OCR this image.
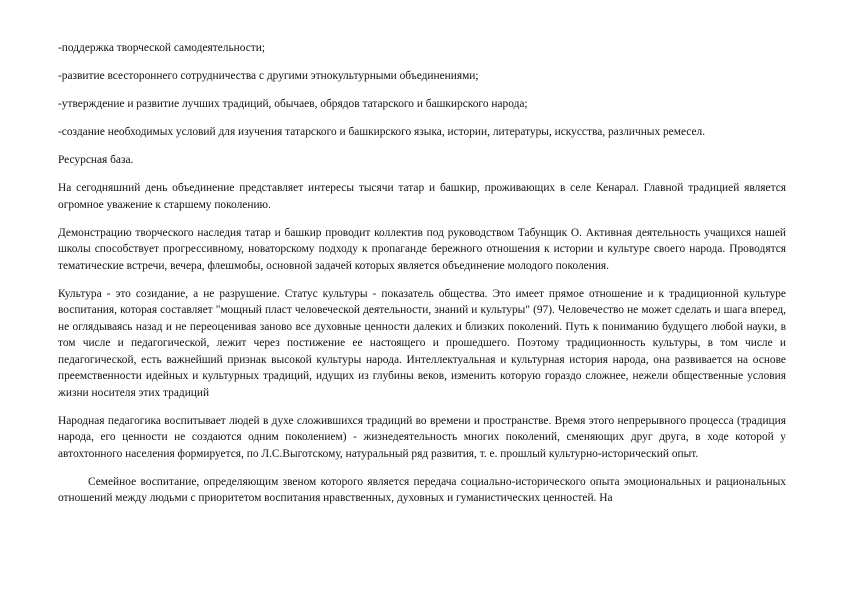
-поддержка творческой самодеятельности;

-развитие всестороннего сотрудничества с другими этнокультурными объединениями;

-утверждение и развитие лучших традиций, обычаев, обрядов татарского и башкирского народа;

-создание необходимых условий для изучения татарского и башкирского языка, истории, литературы, искусства, различных ремесел.

Ресурсная база.

На сегодняшний день объединение представляет интересы тысячи татар и башкир, проживающих в селе Кенарал. Главной традицией является огромное уважение к старшему поколению.

Демонстрацию творческого наследия татар и башкир проводит коллектив под руководством Табунщик О. Активная деятельность учащихся нашей школы способствует прогрессивному, новаторскому подходу к пропаганде бережного отношения к истории и культуре своего народа. Проводятся тематические встречи, вечера, флешмобы, основной задачей которых является объединение молодого поколения.

Культура - это созидание, а не разрушение. Статус культуры - показатель общества. Это имеет прямое отношение и к традиционной культуре воспитания, которая составляет "мощный пласт человеческой деятельности, знаний и культуры" (97). Человечество не может сделать и шага вперед, не оглядываясь назад и не переоценивая заново все духовные ценности далеких и близких поколений. Путь к пониманию будущего любой науки, в том числе и педагогической, лежит через постижение ее настоящего и прошедшего. Поэтому традиционность культуры, в том числе и педагогической, есть важнейший признак высокой культуры народа. Интеллектуальная и культурная история народа, она развивается на основе преемственности идейных и культурных традиций, идущих из глубины веков, изменить которую гораздо сложнее, нежели общественные условия жизни носителя этих традиций

Народная педагогика воспитывает людей в духе сложившихся традиций во времени и пространстве. Время этого непрерывного процесса (традиция народа, его ценности не создаются одним поколением) - жизнедеятельность многих поколений, сменяющих друг друга, в ходе которой у автохтонного населения формируется, по Л.С.Выготскому, натуральный ряд развития, т. е. прошлый культурно-исторический опыт.

Семейное воспитание, определяющим звеном которого является передача социально-исторического опыта эмоциональных и рациональных отношений между людьми с приоритетом воспитания нравственных, духовных и гуманистических ценностей. На
